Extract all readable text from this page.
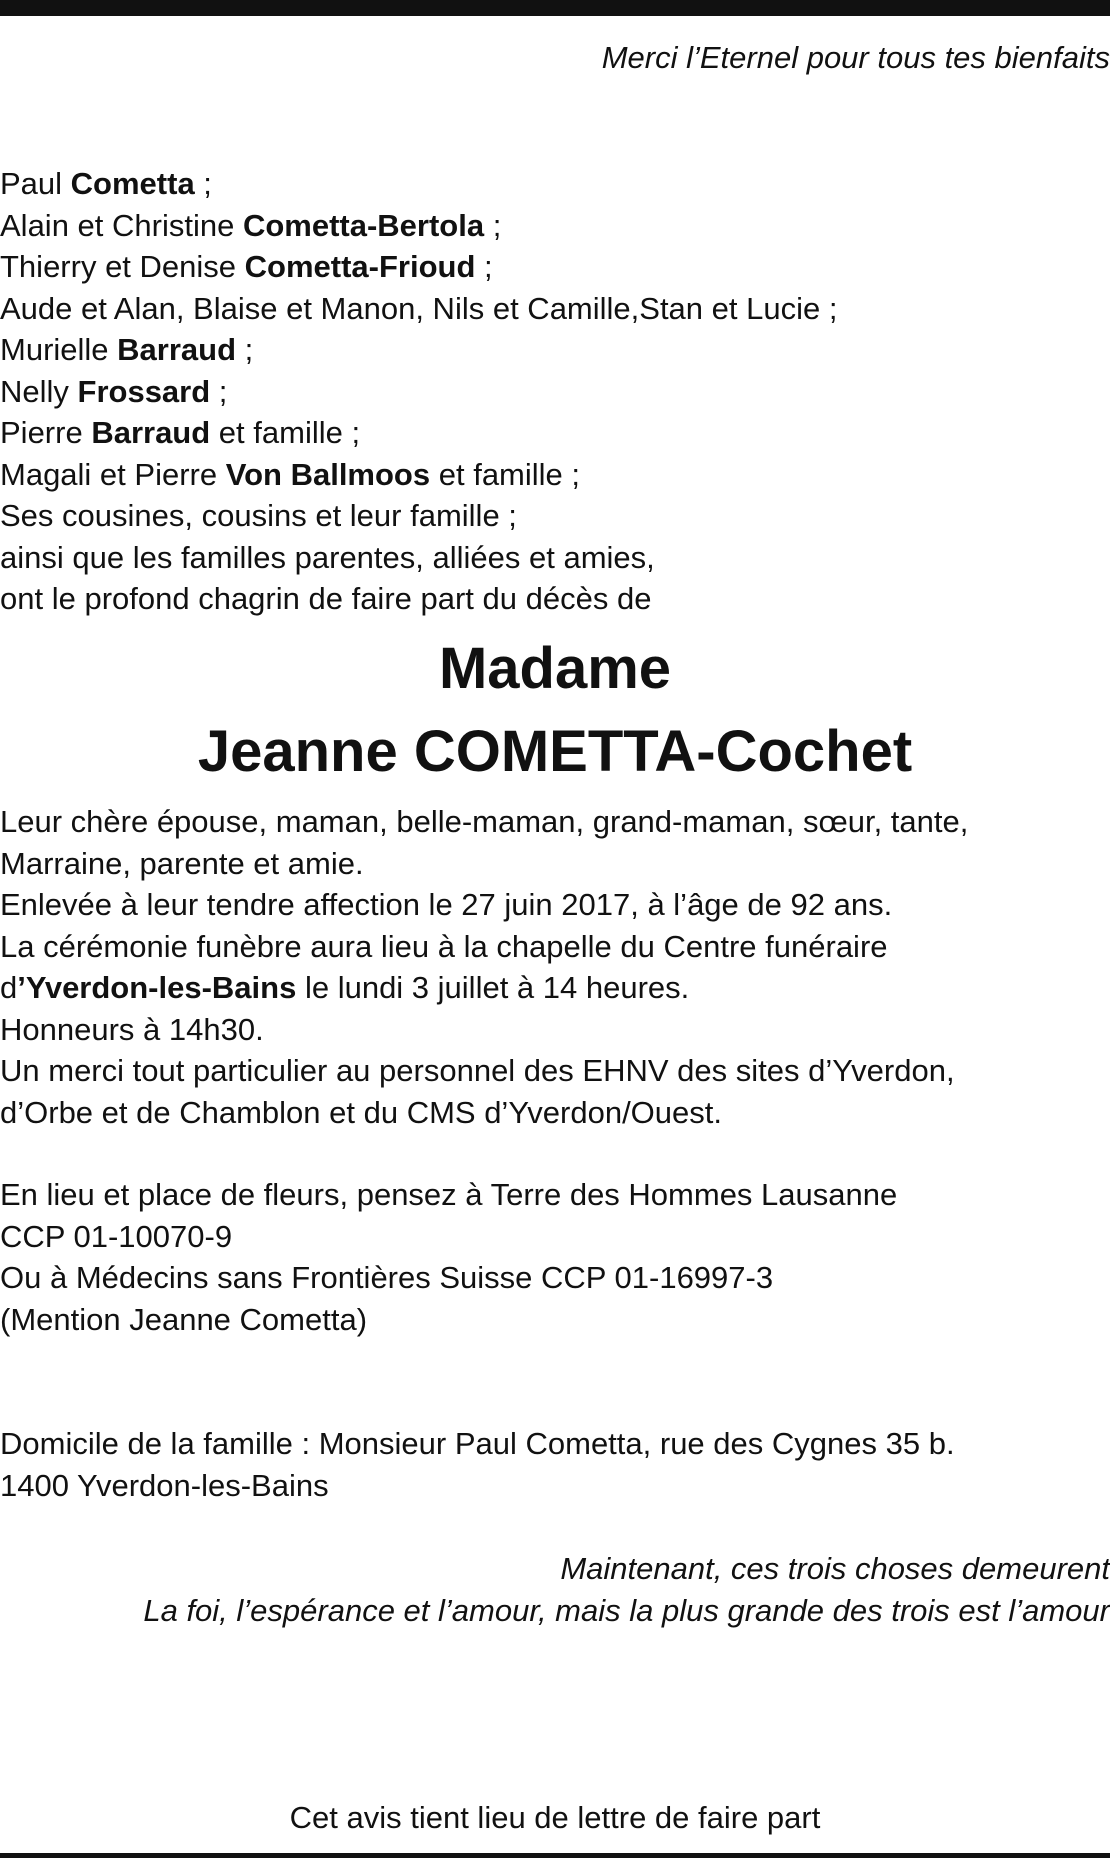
Merci l’Eternel pour tous tes bienfaits
Paul Cometta ;
Alain et Christine Cometta-Bertola ;
Thierry et Denise Cometta-Frioud ;
Aude et Alan, Blaise et Manon, Nils et Camille,Stan et Lucie ;
Murielle Barraud ;
Nelly Frossard ;
Pierre Barraud et famille ;
Magali et Pierre Von Ballmoos et famille ;
Ses cousines, cousins et leur famille ;
ainsi que les familles parentes, alliées et amies,
ont le profond chagrin de faire part du décès de
Madame
Jeanne COMETTA-Cochet
Leur chère épouse, maman, belle-maman, grand-maman, sœur, tante,
Marraine, parente et amie.
Enlevée à leur tendre affection le 27 juin 2017, à l’âge de 92 ans.
La cérémonie funèbre aura lieu à la chapelle du Centre funéraire
d’Yverdon-les-Bains le lundi 3 juillet à 14 heures.
Honneurs à 14h30.
Un merci tout particulier au personnel des EHNV des sites d’Yverdon,
d’Orbe et de Chamblon et du CMS d’Yverdon/Ouest.
En lieu et place de fleurs, pensez à Terre des Hommes Lausanne
CCP 01-10070-9
Ou à Médecins sans Frontières Suisse CCP 01-16997-3
(Mention Jeanne Cometta)
Domicile de la famille : Monsieur Paul Cometta, rue des Cygnes 35 b.
1400 Yverdon-les-Bains
Maintenant, ces trois choses demeurent
La foi, l’espérance et l’amour, mais la plus grande des trois est l’amour
Cet avis tient lieu de lettre de faire part
